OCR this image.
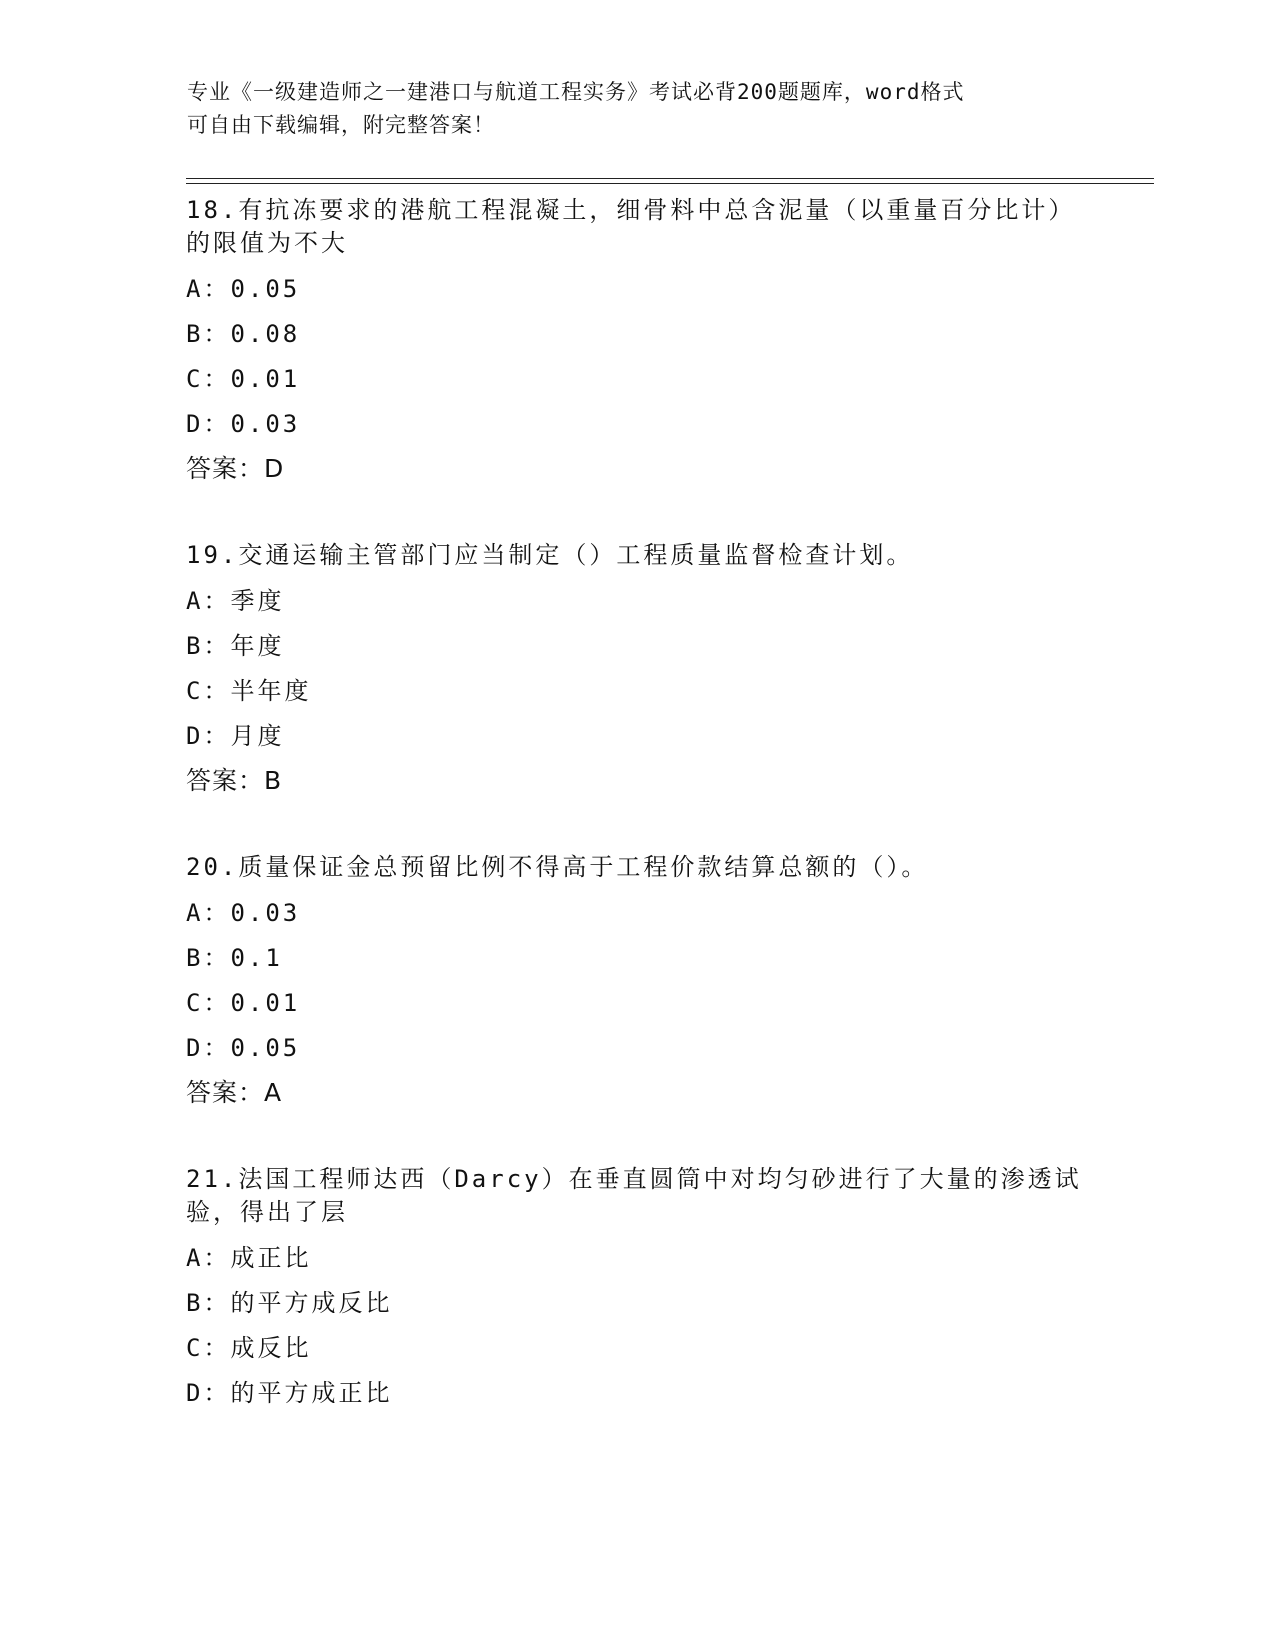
专业《一级建造师之一建港口与航道工程实务》考试必背200题题库，word格式
可自由下载编辑，附完整答案！
18.有抗冻要求的港航工程混凝土，细骨料中总含泥量（以重量百分比计）的限值为不大
A：0.05
B：0.08
C：0.01
D：0.03
答案：D
19.交通运输主管部门应当制定（）工程质量监督检查计划。
A：季度
B：年度
C：半年度
D：月度
答案：B
20.质量保证金总预留比例不得高于工程价款结算总额的（）。
A：0.03
B：0.1
C：0.01
D：0.05
答案：A
21.法国工程师达西（Darcy）在垂直圆筒中对均匀砂进行了大量的渗透试验，得出了层
A：成正比
B：的平方成反比
C：成反比
D：的平方成正比
